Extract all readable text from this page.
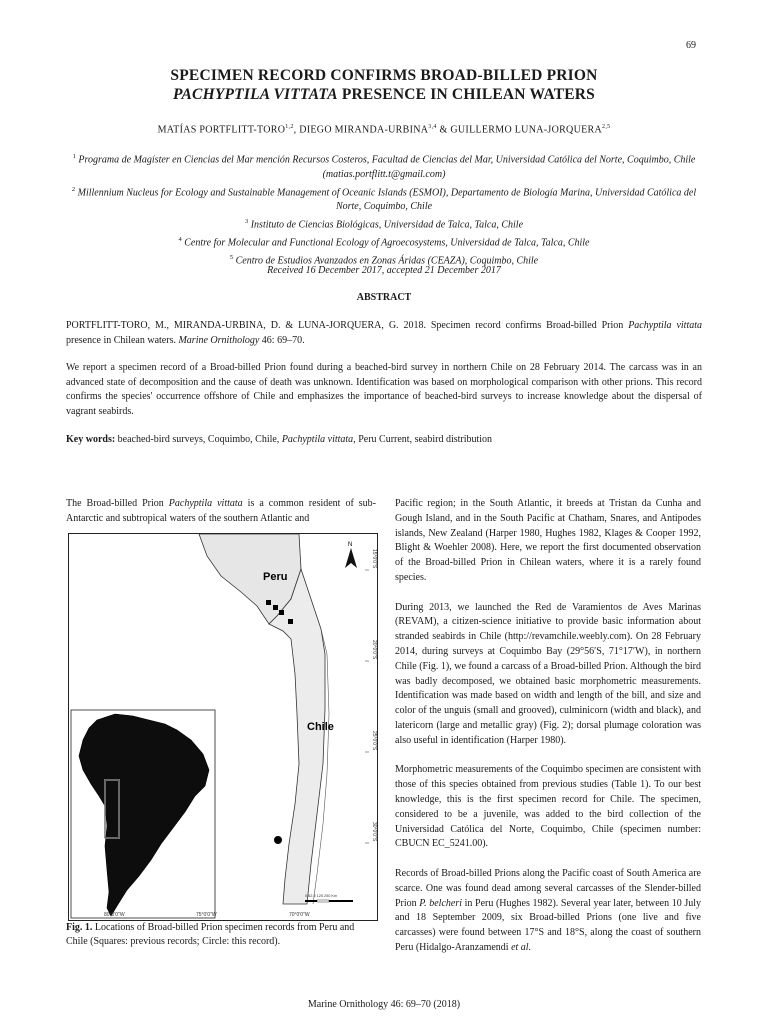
69
SPECIMEN RECORD CONFIRMS BROAD-BILLED PRION
PACHYPTILA VITTATA PRESENCE IN CHILEAN WATERS
MATÍAS PORTFLITT-TORO$^{1,2}$, DIEGO MIRANDA-URBINA$^{3,4}$ & GUILLERMO LUNA-JORQUERA$^{2,5}$
$^1$ Programa de Magíster en Ciencias del Mar mención Recursos Costeros, Facultad de Ciencias del Mar, Universidad Católica del Norte, Coquimbo, Chile (matias.portflitt.t@gmail.com)
$^2$ Millennium Nucleus for Ecology and Sustainable Management of Oceanic Islands (ESMOI), Departamento de Biología Marina, Universidad Católica del Norte, Coquimbo, Chile
$^3$ Instituto de Ciencias Biológicas, Universidad de Talca, Talca, Chile
$^4$ Centre for Molecular and Functional Ecology of Agroecosystems, Universidad de Talca, Talca, Chile
$^5$ Centro de Estudios Avanzados en Zonas Áridas (CEAZA), Coquimbo, Chile
Received 16 December 2017, accepted 21 December 2017
ABSTRACT
PORTFLITT-TORO, M., MIRANDA-URBINA, D. & LUNA-JORQUERA, G. 2018. Specimen record confirms Broad-billed Prion Pachyptila vittata presence in Chilean waters. Marine Ornithology 46: 69–70.
We report a specimen record of a Broad-billed Prion found during a beached-bird survey in northern Chile on 28 February 2014. The carcass was in an advanced state of decomposition and the cause of death was unknown. Identification was based on morphological comparison with other prions. This record confirms the species' occurrence offshore of Chile and emphasizes the importance of beached-bird surveys to increase knowledge about the dispersal of vagrant seabirds.
Key words: beached-bird surveys, Coquimbo, Chile, Pachyptila vittata, Peru Current, seabird distribution
The Broad-billed Prion Pachyptila vittata is a common resident of sub-Antarctic and subtropical waters of the southern Atlantic and
Peru
Chile
N
15°0'0"S
20°0'0"S
25°0'0"S
30°0'0"S
0 62.5 125 250 Km
80°0'0"W	75°0'0"W	70°0'0"W
Fig. 1. Locations of Broad-billed Prion specimen records from Peru and Chile (Squares: previous records; Circle: this record).

Pacific region; in the South Atlantic, it breeds at Tristan da Cunha and Gough Island, and in the South Pacific at Chatham, Snares, and Antipodes islands, New Zealand (Harper 1980, Hughes 1982, Klages & Cooper 1992, Blight & Woehler 2008). Here, we report the first documented observation of the Broad-billed Prion in Chilean waters, where it is a rarely found species.

During 2013, we launched the Red de Varamientos de Aves Marinas (REVAM), a citizen-science initiative to provide basic information about stranded seabirds in Chile (http://revamchile.weebly.com). On 28 February 2014, during surveys at Coquimbo Bay (29°56′S, 71°17′W), in northern Chile (Fig. 1), we found a carcass of a Broad-billed Prion. Although the bird was badly decomposed, we obtained basic morphometric measurements. Identification was made based on width and length of the bill, and size and color of the unguis (small and grooved), culminicorn (width and black), and latericorn (large and metallic gray) (Fig. 2); dorsal plumage coloration was also useful in identification (Harper 1980).

Morphometric measurements of the Coquimbo specimen are consistent with those of this species obtained from previous studies (Table 1). To our best knowledge, this is the first specimen record for Chile. The specimen, considered to be a juvenile, was added to the bird collection of the Universidad Católica del Norte, Coquimbo, Chile (specimen number: CBUCN EC_5241.00).

Records of Broad-billed Prions along the Pacific coast of South America are scarce. One was found dead among several carcasses of the Slender-billed Prion P. belcheri in Peru (Hughes 1982). Several year later, between 10 July and 18 September 2009, six Broad-billed Prions (one live and five carcasses) were found between 17°S and 18°S, along the coast of southern Peru (Hidalgo-Aranzamendi et al.

Marine Ornithology 46: 69–70 (2018)
